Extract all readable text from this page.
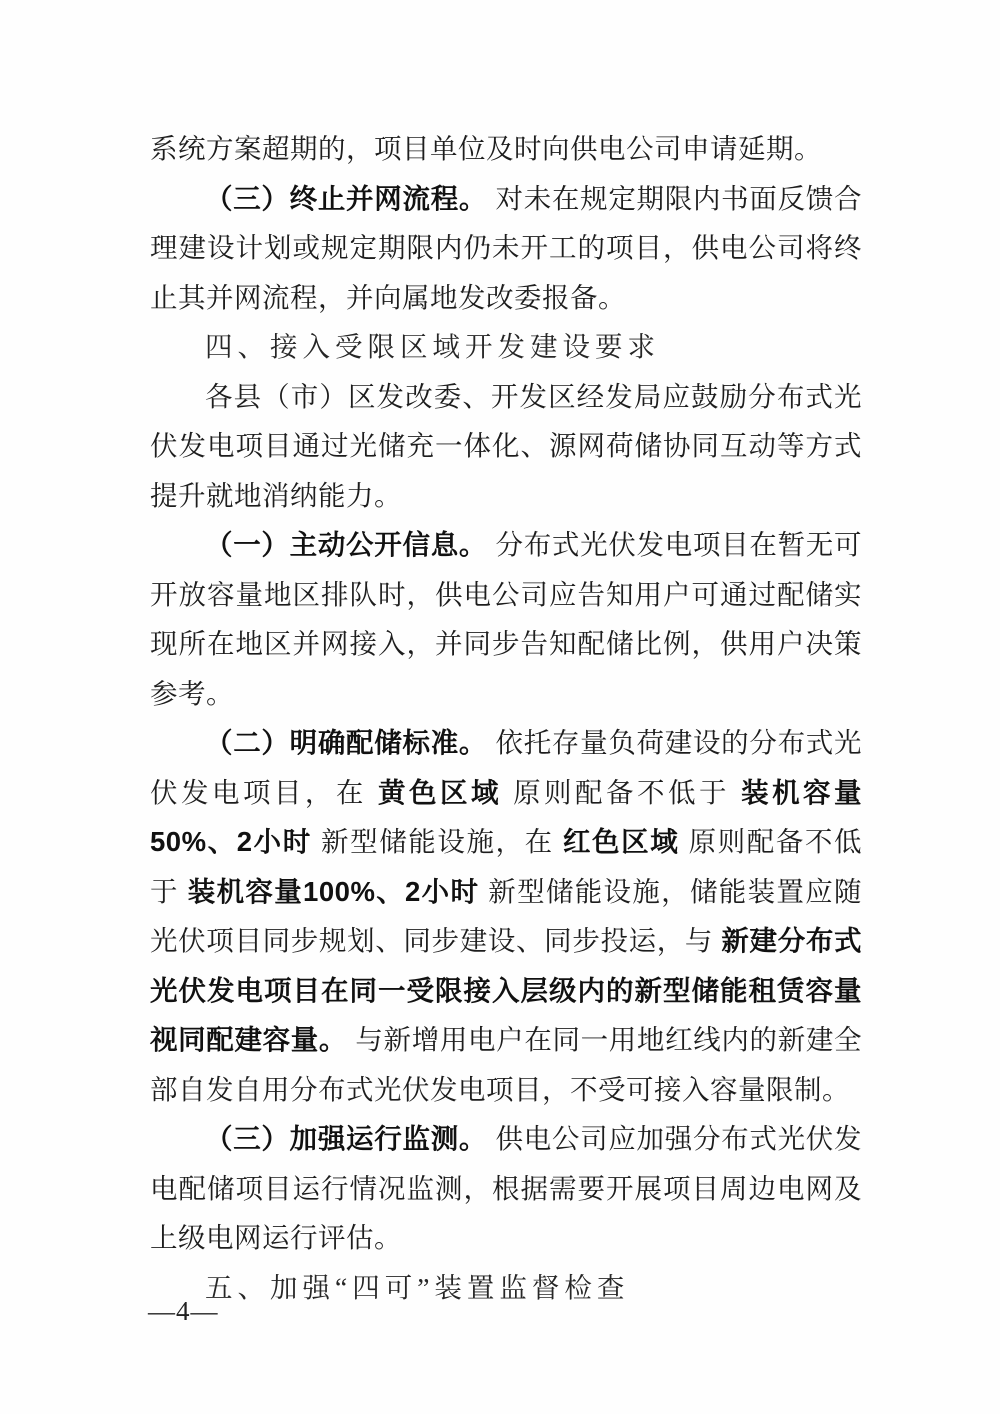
系统方案超期的，项目单位及时向供电公司申请延期。

（三）终止并网流程。 对未在规定期限内书面反馈合理建设计划或规定期限内仍未开工的项目，供电公司将终止其并网流程，并向属地发改委报备。

四、接入受限区域开发建设要求

各县（市）区发改委、开发区经发局应鼓励分布式光伏发电项目通过光储充一体化、源网荷储协同互动等方式提升就地消纳能力。

（一）主动公开信息。 分布式光伏发电项目在暂无可开放容量地区排队时，供电公司应告知用户可通过配储实现所在地区并网接入，并同步告知配储比例，供用户决策参考。

（二）明确配储标准。 依托存量负荷建设的分布式光伏发电项目，在 黄色区域 原则配备不低于 装机容量50%、2小时 新型储能设施，在 红色区域 原则配备不低于 装机容量100%、2小时 新型储能设施，储能装置应随光伏项目同步规划、同步建设、同步投运，与 新建分布式光伏发电项目在同一受限接入层级内的新型储能租赁容量视同配建容量。 与新增用电户在同一用地红线内的新建全部自发自用分布式光伏发电项目，不受可接入容量限制。

（三）加强运行监测。 供电公司应加强分布式光伏发电配储项目运行情况监测，根据需要开展项目周边电网及上级电网运行评估。

五、加强“四可”装置监督检查

—4—
